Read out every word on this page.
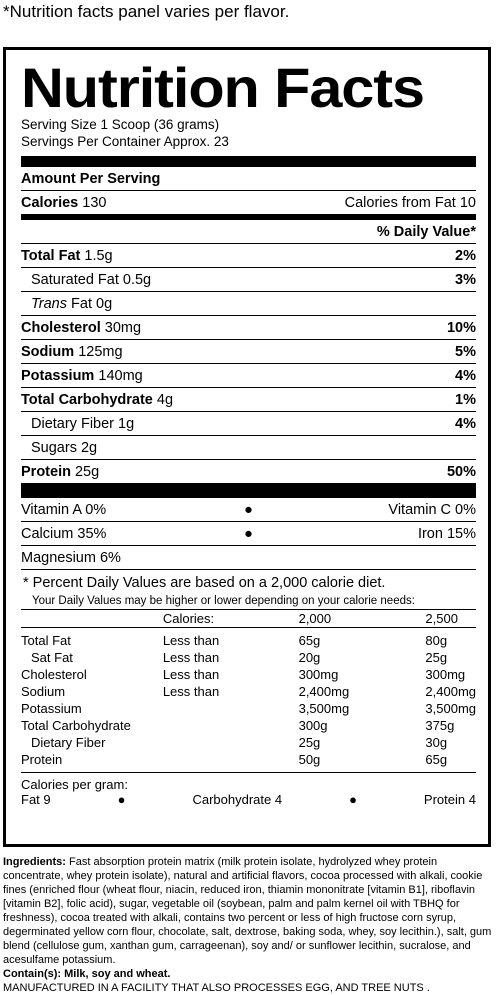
*Nutrition facts panel varies per flavor.
Nutrition Facts
Serving Size 1 Scoop (36 grams)
Servings Per Container Approx. 23
Amount Per Serving
Calories 130	Calories from Fat 10
% Daily Value*
Total Fat 1.5g	2%
Saturated Fat 0.5g	3%
Trans Fat 0g
Cholesterol 30mg	10%
Sodium 125mg	5%
Potassium 140mg	4%
Total Carbohydrate 4g	1%
Dietary Fiber 1g	4%
Sugars 2g
Protein 25g	50%
Vitamin A 0%	●	Vitamin C 0%
Calcium 35%	●	Iron 15%
Magnesium 6%
* Percent Daily Values are based on a 2,000 calorie diet.
Your Daily Values may be higher or lower depending on your calorie needs:
	Calories:	2,000	2,500

Total Fat	Less than	65g	80g
Sat Fat	Less than	20g	25g
Cholesterol	Less than	300mg	300mg
Sodium	Less than	2,400mg	2,400mg
Potassium		3,500mg	3,500mg
Total Carbohydrate		300g	375g
Dietary Fiber		25g	30g
Protein		50g	65g
Calories per gram:
Fat 9	●	Carbohydrate 4	●	Protein 4
Ingredients: Fast absorption protein matrix (milk protein isolate, hydrolyzed whey protein concentrate, whey protein isolate), natural and artificial flavors, cocoa processed with alkali, cookie fines (enriched flour (wheat flour, niacin, reduced iron, thiamin mononitrate [vitamin B1], riboflavin [vitamin B2], folic acid), sugar, vegetable oil (soybean, palm and palm kernel oil with TBHQ for freshness), cocoa treated with alkali, contains two percent or less of high fructose corn syrup, degerminated yellow corn flour, chocolate, salt, dextrose, baking soda, whey, soy lecithin.), salt, gum blend (cellulose gum, xanthan gum, carrageenan), soy and/ or sunflower lecithin, sucralose, and acesulfame potassium.
Contain(s): Milk, soy and wheat.
MANUFACTURED IN A FACILITY THAT ALSO PROCESSES EGG, AND TREE NUTS .
